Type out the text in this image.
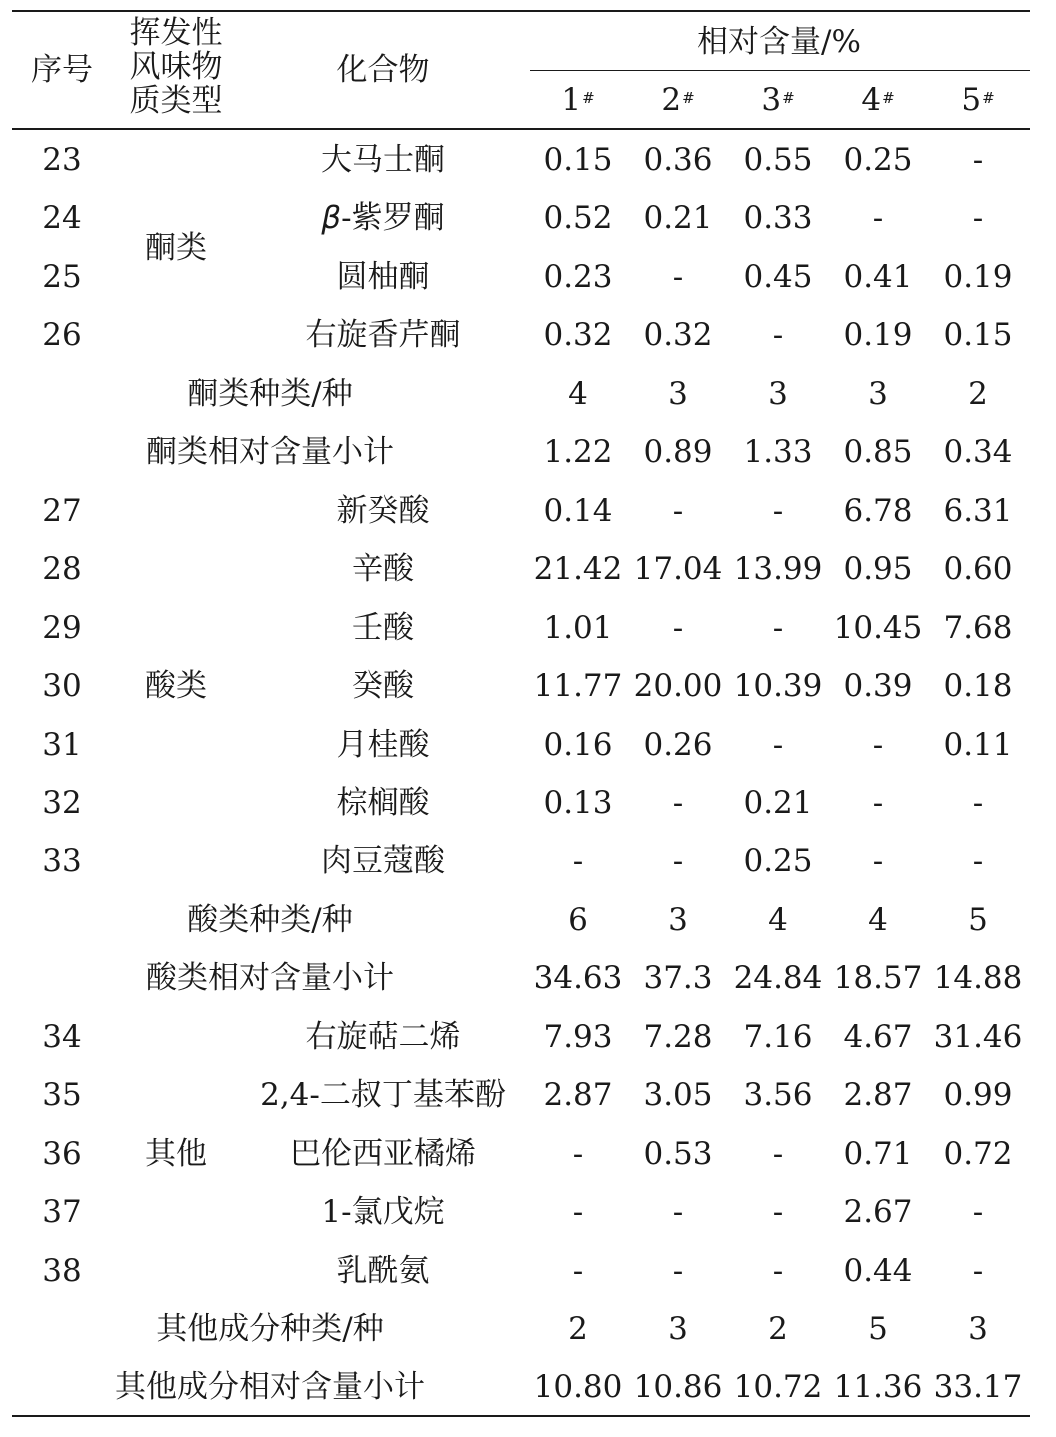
序号
挥发性
风味物
质类型
化合物
相对含量/%
1# 2# 3# 4# 5#
23	大马士酮	0.15 0.36 0.55 0.25 -
24	β-紫罗酮	0.52 0.21 0.33 -	-
25	圆柚酮	0.23 - 0.45 0.41 0.19
26	右旋香芹酮	0.32 0.32 - 0.19 0.15
酮类
酮类种类/种	4	3	3	3	2
酮类相对含量小计	1.22 0.89 1.33 0.85 0.34
27	新癸酸	0.14 -	- 6.78 6.31
28	辛酸	21.42 17.04 13.99 0.95 0.60
29	壬酸	1.01 -	- 10.45 7.68
30	癸酸	11.77 20.00 10.39 0.39 0.18
31	月桂酸	0.16 0.26 -	- 0.11
32	棕榈酸	0.13 - 0.21 -	-
33	肉豆蔻酸	-	- 0.25 -	-
酸类
酸类种类/种	6	3	4	4	5
酸类相对含量小计	34.63 37.3 24.84 18.57 14.88
34	右旋萜二烯	7.93 7.28 7.16 4.67 31.46
35	2,4-二叔丁基苯酚 2.87 3.05 3.56 2.87 0.99
36	巴伦西亚橘烯	- 0.53 - 0.71 0.72
37	1-氯戊烷	-	-	- 2.67 -
38	乳酰氨	-	-	- 0.44 -
其他
其他成分种类/种	2	3	2	5	3
其他成分相对含量小计	10.80 10.86 10.72 11.36 33.17
